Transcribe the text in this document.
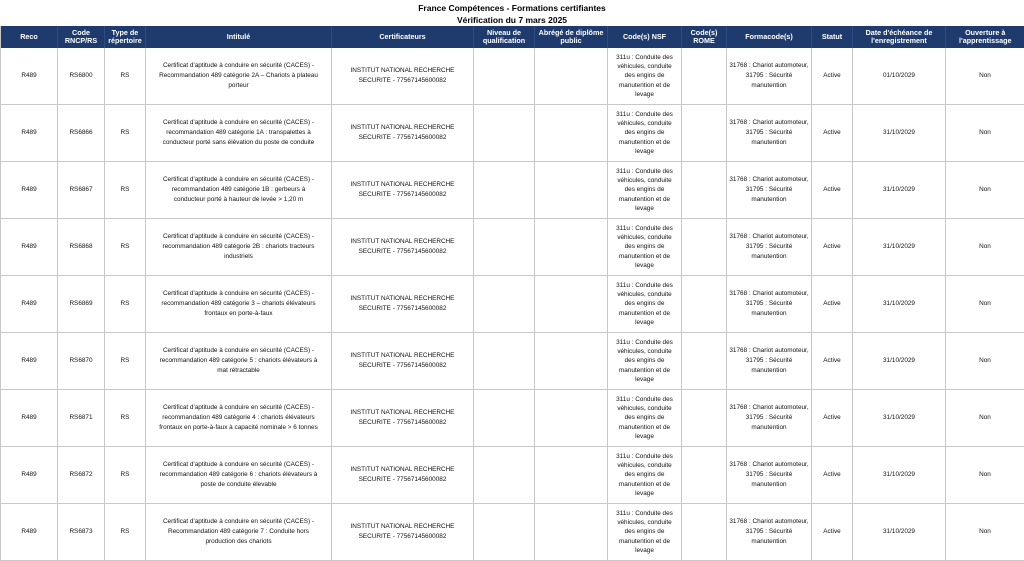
France Compétences - Formations certifiantes
Vérification du 7 mars 2025
Reco	Code RNCP/RS	Type de répertoire	Intitulé	Certificateurs	Niveau de qualification	Abrégé de diplôme public	Code(s) NSF	Code(s) ROME	Formacode(s)	Statut	Date d'échéance de l'enregistrement	Ouverture à l'apprentissage
R489	RS6800	RS	Certificat d'aptitude à conduire en sécurité (CACES) - Recommandation 489 catégorie 2A – Chariots à plateau porteur	INSTITUT NATIONAL RECHERCHE SECURITE - 77567145600082			311u : Conduite des véhicules, conduite des engins de manutention et de levage		31768 : Chariot automoteur, 31795 : Sécurité manutention	Active	01/10/2029	Non
R489	RS6866	RS	Certificat d'aptitude à conduire en sécurité (CACES) - recommandation 489 catégorie 1A : transpalettes à conducteur porté sans élévation du poste de conduite	INSTITUT NATIONAL RECHERCHE SECURITE - 77567145600082			311u : Conduite des véhicules, conduite des engins de manutention et de levage		31768 : Chariot automoteur, 31795 : Sécurité manutention	Active	31/10/2029	Non
R489	RS6867	RS	Certificat d'aptitude à conduire en sécurité (CACES) - recommandation 489 catégorie 1B : gerbeurs à conducteur porté à hauteur de levée > 1,20 m	INSTITUT NATIONAL RECHERCHE SECURITE - 77567145600082			311u : Conduite des véhicules, conduite des engins de manutention et de levage		31768 : Chariot automoteur, 31795 : Sécurité manutention	Active	31/10/2029	Non
R489	RS6868	RS	Certificat d'aptitude à conduire en sécurité (CACES) - recommandation 489 catégorie 2B : chariots tracteurs industriels	INSTITUT NATIONAL RECHERCHE SECURITE - 77567145600082			311u : Conduite des véhicules, conduite des engins de manutention et de levage		31768 : Chariot automoteur, 31795 : Sécurité manutention	Active	31/10/2029	Non
R489	RS6869	RS	Certificat d'aptitude à conduire en sécurité (CACES) - recommandation 489 catégorie 3 – chariots élévateurs frontaux en porte-à-faux	INSTITUT NATIONAL RECHERCHE SECURITE - 77567145600082			311u : Conduite des véhicules, conduite des engins de manutention et de levage		31768 : Chariot automoteur, 31795 : Sécurité manutention	Active	31/10/2029	Non
R489	RS6870	RS	Certificat d'aptitude à conduire en sécurité (CACES) - recommandation 489 catégorie 5 : chariots élévateurs à mat rétractable	INSTITUT NATIONAL RECHERCHE SECURITE - 77567145600082			311u : Conduite des véhicules, conduite des engins de manutention et de levage		31768 : Chariot automoteur, 31795 : Sécurité manutention	Active	31/10/2029	Non
R489	RS6871	RS	Certificat d'aptitude à conduire en sécurité (CACES) - recommandation 489 catégorie 4 : chariots élévateurs frontaux en porte-à-faux à capacité nominale > 6 tonnes	INSTITUT NATIONAL RECHERCHE SECURITE - 77567145600082			311u : Conduite des véhicules, conduite des engins de manutention et de levage		31768 : Chariot automoteur, 31795 : Sécurité manutention	Active	31/10/2029	Non
R489	RS6872	RS	Certificat d'aptitude à conduire en sécurité (CACES) - recommandation 489 catégorie 6 : chariots élévateurs à poste de conduite élevable	INSTITUT NATIONAL RECHERCHE SECURITE - 77567145600082			311u : Conduite des véhicules, conduite des engins de manutention et de levage		31768 : Chariot automoteur, 31795 : Sécurité manutention	Active	31/10/2029	Non
R489	RS6873	RS	Certificat d'aptitude à conduire en sécurité (CACES) - Recommandation 489 catégorie 7 : Conduite hors production des chariots	INSTITUT NATIONAL RECHERCHE SECURITE - 77567145600082			311u : Conduite des véhicules, conduite des engins de manutention et de levage		31768 : Chariot automoteur, 31795 : Sécurité manutention	Active	31/10/2029	Non
